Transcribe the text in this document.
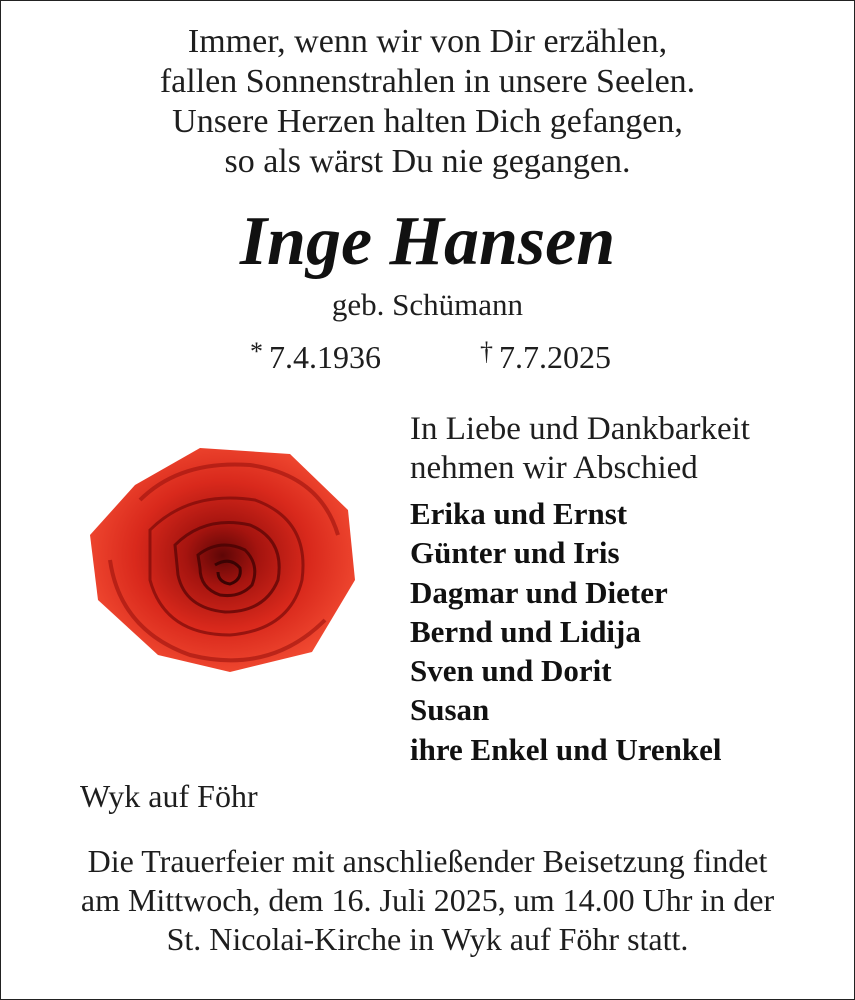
Immer, wenn wir von Dir erzählen,
fallen Sonnenstrahlen in unsere Seelen.
Unsere Herzen halten Dich gefangen,
so als wärst Du nie gegangen.
Inge Hansen
geb. Schümann
* 7.4.1936	† 7.7.2025
In Liebe und Dankbarkeit
nehmen wir Abschied
Erika und Ernst
Günter und Iris
Dagmar und Dieter
Bernd und Lidija
Sven und Dorit
Susan
ihre Enkel und Urenkel
Wyk auf Föhr
Die Trauerfeier mit anschließender Beisetzung findet
am Mittwoch, dem 16. Juli 2025, um 14.00 Uhr in der
St. Nicolai-Kirche in Wyk auf Föhr statt.
